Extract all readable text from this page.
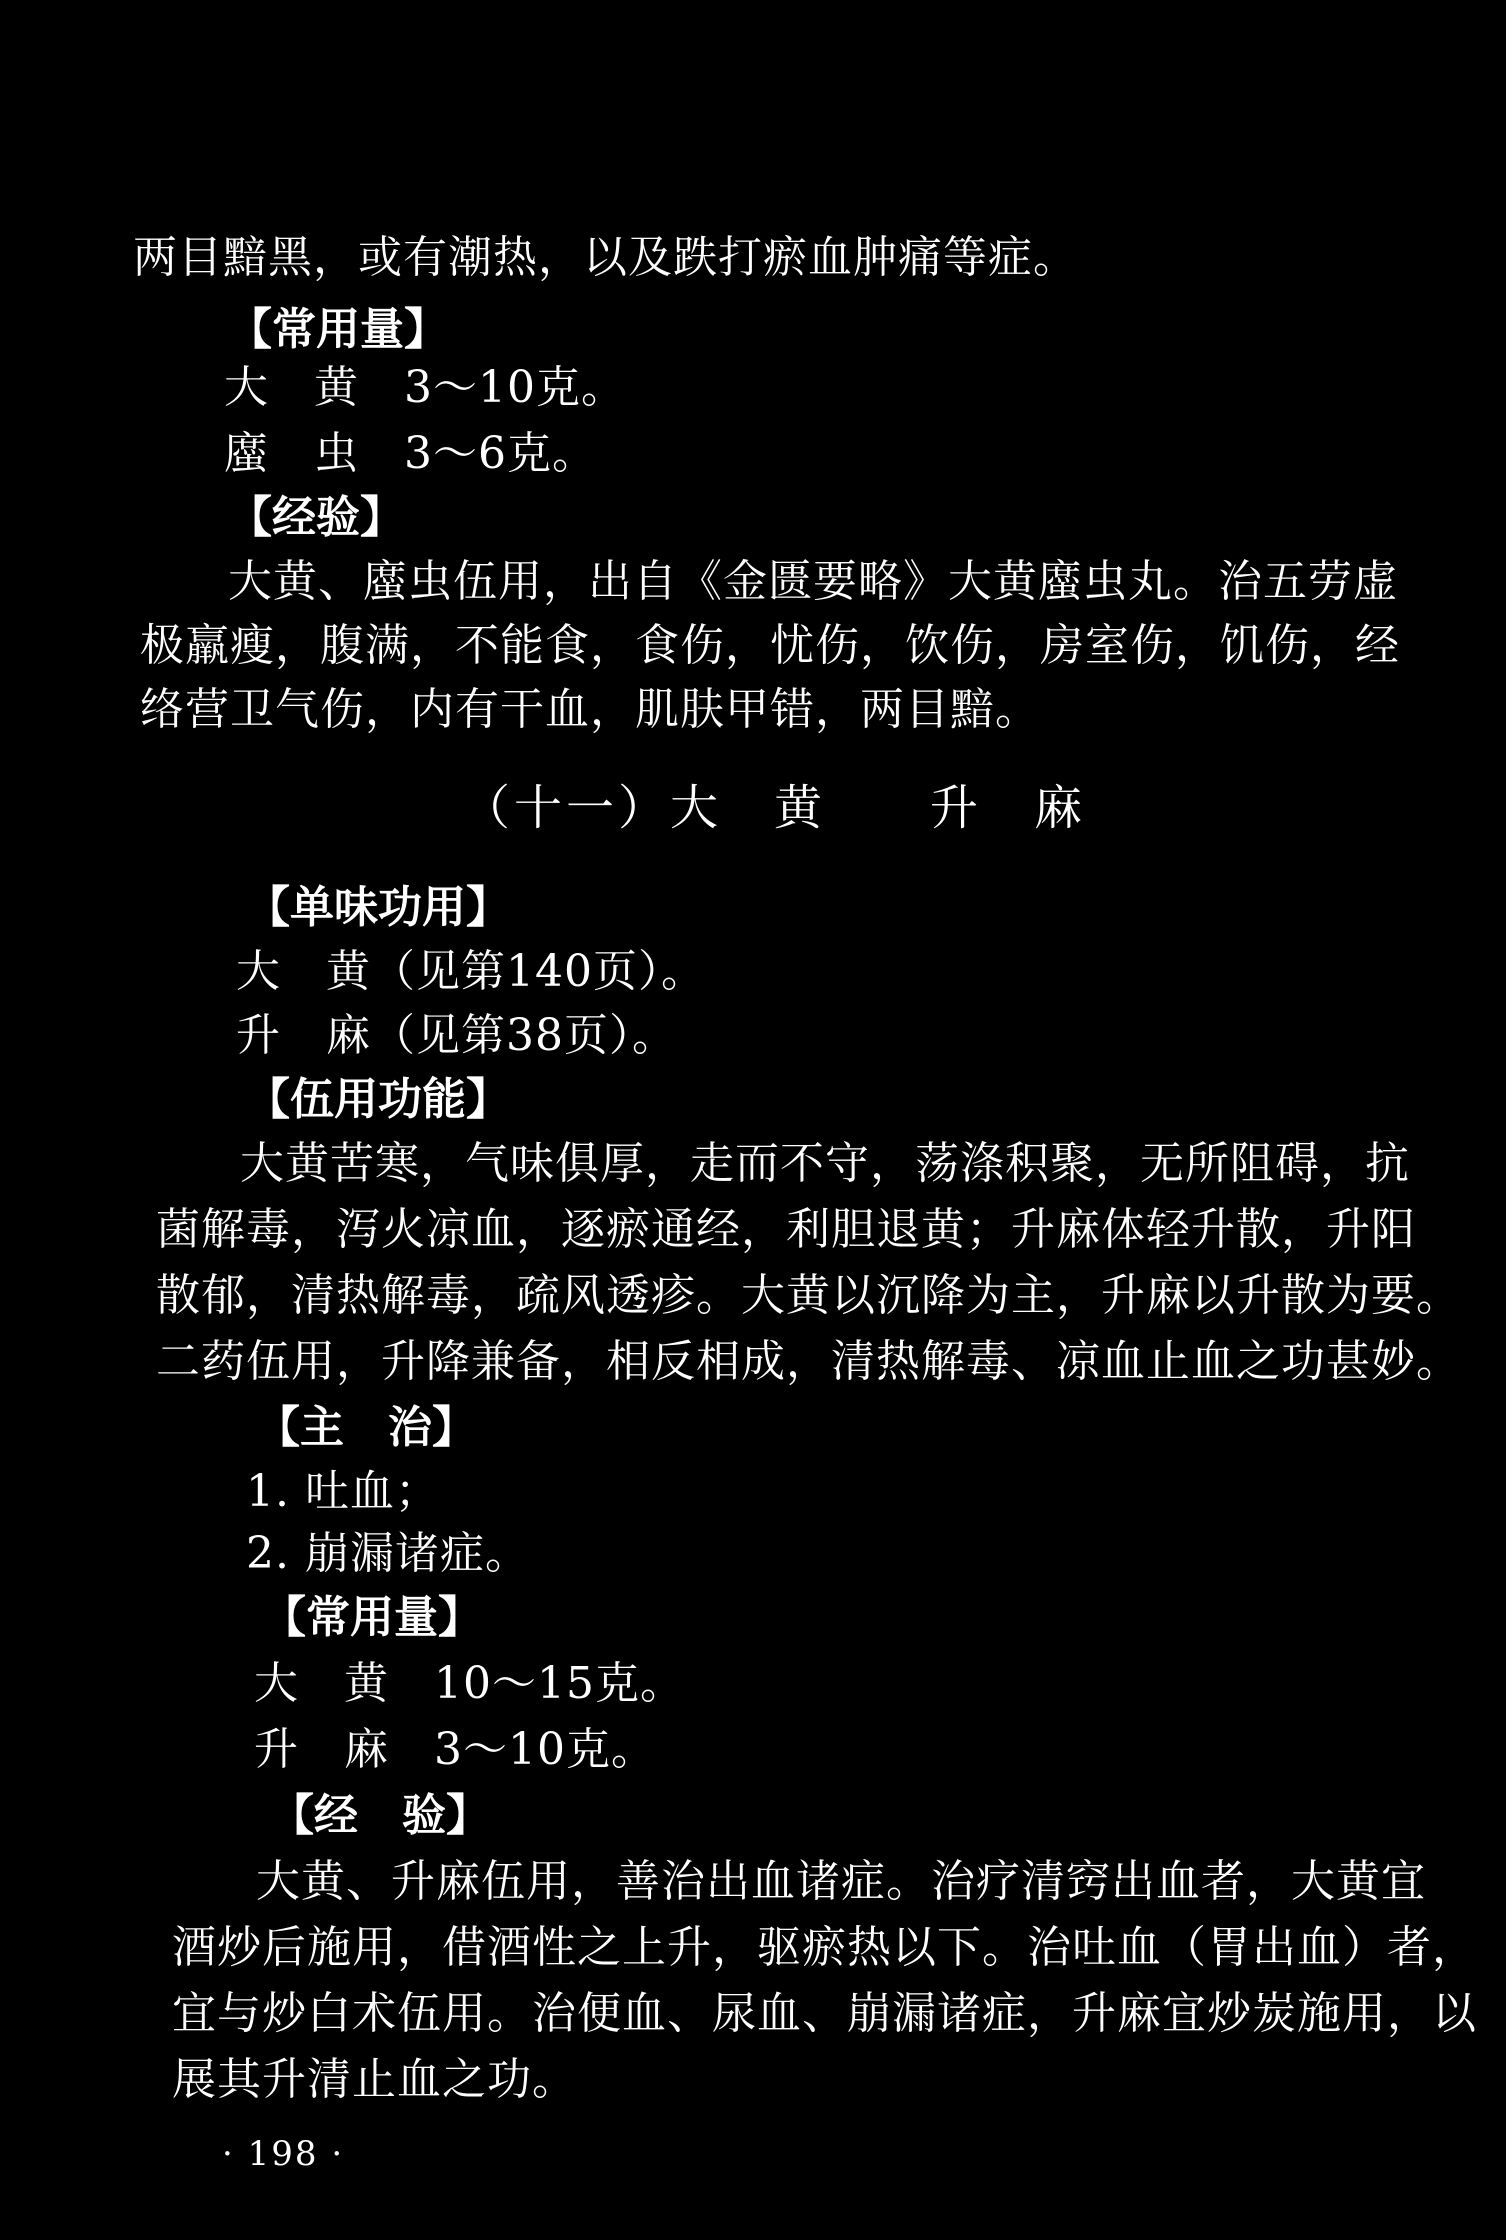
两目黯黑，或有潮热，以及跌打瘀血肿痛等症。
【常用量】
大　黄　3～10克。
䗪　虫　3～6克。
【经验】
大黄、䗪虫伍用，出自《金匮要略》大黄䗪虫丸。治五劳虚
极羸瘦，腹满，不能食，食伤，忧伤，饮伤，房室伤，饥伤，经
络营卫气伤，内有干血，肌肤甲错，两目黯。
（十一）大　黄　　升　麻
【单味功用】
大　黄（见第140页）。
升　麻（见第38页）。
【伍用功能】
大黄苦寒，气味俱厚，走而不守，荡涤积聚，无所阻碍，抗
菌解毒，泻火凉血，逐瘀通经，利胆退黄；升麻体轻升散，升阳
散郁，清热解毒，疏风透疹。大黄以沉降为主，升麻以升散为要。
二药伍用，升降兼备，相反相成，清热解毒、凉血止血之功甚妙。
【主　治】
1. 吐血；
2. 崩漏诸症。
【常用量】
大　黄　10～15克。
升　麻　3～10克。
【经　验】
大黄、升麻伍用，善治出血诸症。治疗清窍出血者，大黄宜
酒炒后施用，借酒性之上升，驱瘀热以下。治吐血（胃出血）者，
宜与炒白术伍用。治便血、尿血、崩漏诸症，升麻宜炒炭施用，以
展其升清止血之功。
· 198 ·
